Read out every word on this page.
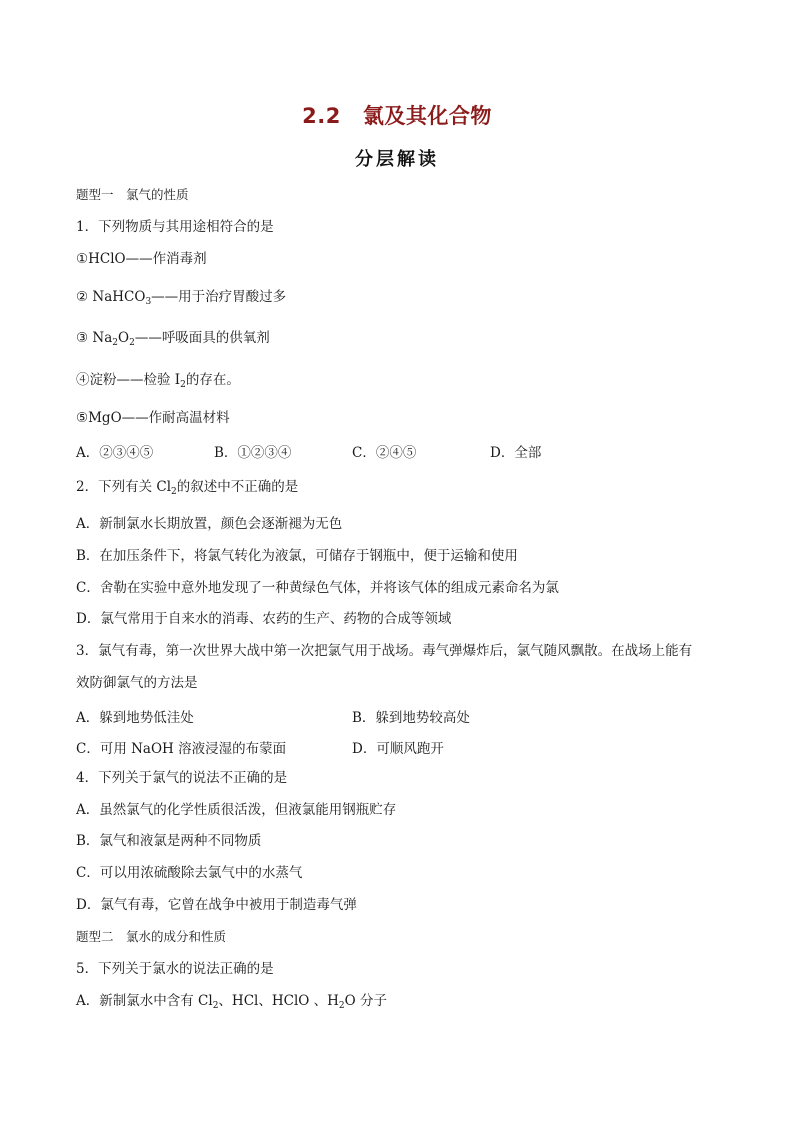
2.2 氯及其化合物
分层解读
题型一　氯气的性质
1．下列物质与其用途相符合的是
①HClO——作消毒剂
② NaHCO$_3$——用于治疗胃酸过多
③ $Na_2O_2——$呼吸面具的供氧剂
④淀粉——检验 $I_2$的存在。
⑤MgO——作耐高温材料
A．②③④⑤	B．①②③④	C．②④⑤	D．全部
2．下列有关 $Cl_2$的叙述中不正确的是
A．新制氯水长期放置，颜色会逐渐褪为无色
B．在加压条件下，将氯气转化为液氯，可储存于钢瓶中，便于运输和使用
C．舍勒在实验中意外地发现了一种黄绿色气体，并将该气体的组成元素命名为氯
D．氯气常用于自来水的消毒、农药的生产、药物的合成等领域
3．氯气有毒，第一次世界大战中第一次把氯气用于战场。毒气弹爆炸后，氯气随风飘散。在战场上能有
效防御氯气的方法是
A．躲到地势低洼处	B．躲到地势较高处
C．可用 NaOH 溶液浸湿的布蒙面	D．可顺风跑开
4．下列关于氯气的说法不正确的是
A．虽然氯气的化学性质很活泼，但液氯能用钢瓶贮存
B．氯气和液氯是两种不同物质
C．可以用浓硫酸除去氯气中的水蒸气
D．氯气有毒，它曾在战争中被用于制造毒气弹
题型二　氯水的成分和性质
5．下列关于氯水的说法正确的是
A．新制氯水中含有 $Cl_2$、HCl、HClO 、$H_2O$ 分子
